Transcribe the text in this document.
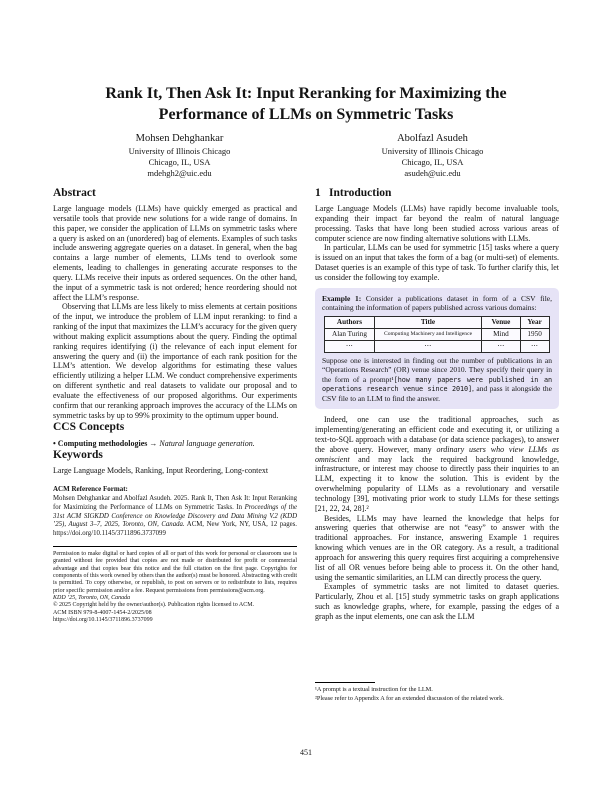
Rank It, Then Ask It: Input Reranking for Maximizing the
Performance of LLMs on Symmetric Tasks
Mohsen Dehghankar
University of Illinois Chicago
Chicago, IL, USA
mdehgh2@uic.edu
Abolfazl Asudeh
University of Illinois Chicago
Chicago, IL, USA
asudeh@uic.edu
Abstract

Large language models (LLMs) have quickly emerged as practical and versatile tools that provide new solutions for a wide range of domains. In this paper, we consider the application of LLMs on symmetric tasks where a query is asked on an (unordered) bag of elements. Examples of such tasks include answering aggregate queries on a dataset. In general, when the bag contains a large number of elements, LLMs tend to overlook some elements, leading to challenges in generating accurate responses to the query. LLMs receive their inputs as ordered sequences. On the other hand, the input of a symmetric task is not ordered; hence reordering should not affect the LLM’s response.

Observing that LLMs are less likely to miss elements at certain positions of the input, we introduce the problem of LLM input reranking: to find a ranking of the input that maximizes the LLM’s accuracy for the given query without making explicit assumptions about the query. Finding the optimal ranking requires identifying (i) the relevance of each input element for answering the query and (ii) the importance of each rank position for the LLM’s attention. We develop algorithms for estimating these values efficiently utilizing a helper LLM. We conduct comprehensive experiments on different synthetic and real datasets to validate our proposal and to evaluate the effectiveness of our proposed algorithms. Our experiments confirm that our reranking approach improves the accuracy of the LLMs on symmetric tasks by up to 99% proximity to the optimum upper bound.

CCS Concepts

• Computing methodologies → Natural language generation.

Keywords

Large Language Models, Ranking, Input Reordering, Long-context

ACM Reference Format:

Mohsen Dehghankar and Abolfazl Asudeh. 2025. Rank It, Then Ask It: Input Reranking for Maximizing the Performance of LLMs on Symmetric Tasks. In Proceedings of the 31st ACM SIGKDD Conference on Knowledge Discovery and Data Mining V.2 (KDD ’25), August 3–7, 2025, Toronto, ON, Canada. ACM, New York, NY, USA, 12 pages. https://doi.org/10.1145/3711896.3737099

Permission to make digital or hard copies of all or part of this work for personal or classroom use is granted without fee provided that copies are not made or distributed for profit or commercial advantage and that copies bear this notice and the full citation on the first page. Copyrights for components of this work owned by others than the author(s) must be honored. Abstracting with credit is permitted. To copy otherwise, or republish, to post on servers or to redistribute to lists, requires prior specific permission and/or a fee. Request permissions from permissions@acm.org.

KDD ’25, Toronto, ON, Canada

© 2025 Copyright held by the owner/author(s). Publication rights licensed to ACM.

ACM ISBN 979-8-4007-1454-2/2025/08

https://doi.org/10.1145/3711896.3737099

1 Introduction

Large Language Models (LLMs) have rapidly become invaluable tools, expanding their impact far beyond the realm of natural language processing. Tasks that have long been studied across various areas of computer science are now finding alternative solutions with LLMs.

In particular, LLMs can be used for symmetric [15] tasks where a query is issued on an input that takes the form of a bag (or multi-set) of elements. Dataset queries is an example of this type of task. To further clarify this, let us consider the following toy example.

Example 1: Consider a publications dataset in form of a CSV file, containing the information of papers published across various domains:

Authors	Title	Venue	Year
Alan Turing	Computing Machinery and Intelligence	Mind	1950
⋯	⋯	⋯	⋯

Suppose one is interested in finding out the number of publications in an “Operations Research” (OR) venue since 2010. They specify their query in the form of a prompt¹[how many papers were published in an operations research venue since 2010], and pass it alongside the CSV file to an LLM to find the answer.

Indeed, one can use the traditional approaches, such as implementing/generating an efficient code and executing it, or utilizing a text-to-SQL approach with a database (or data science packages), to answer the above query. However, many ordinary users who view LLMs as omniscient and may lack the required background knowledge, infrastructure, or interest may choose to directly pass their inquiries to an LLM, expecting it to know the solution. This is evident by the overwhelming popularity of LLMs as a revolutionary and versatile technology [39], motivating prior work to study LLMs for these settings [21, 22, 24, 28].²

Besides, LLMs may have learned the knowledge that helps for answering queries that otherwise are not “easy” to answer with the traditional approaches. For instance, answering Example 1 requires knowing which venues are in the OR category. As a result, a traditional approach for answering this query requires first acquiring a comprehensive list of all OR venues before being able to process it. On the other hand, using the semantic similarities, an LLM can directly process the query.

Examples of symmetric tasks are not limited to dataset queries. Particularly, Zhou et al. [15] study symmetric tasks on graph applications such as knowledge graphs, where, for example, passing the edges of a graph as the input elements, one can ask the LLM

¹A prompt is a textual instruction for the LLM.

²Please refer to Appendix A for an extended discussion of the related work.

451
